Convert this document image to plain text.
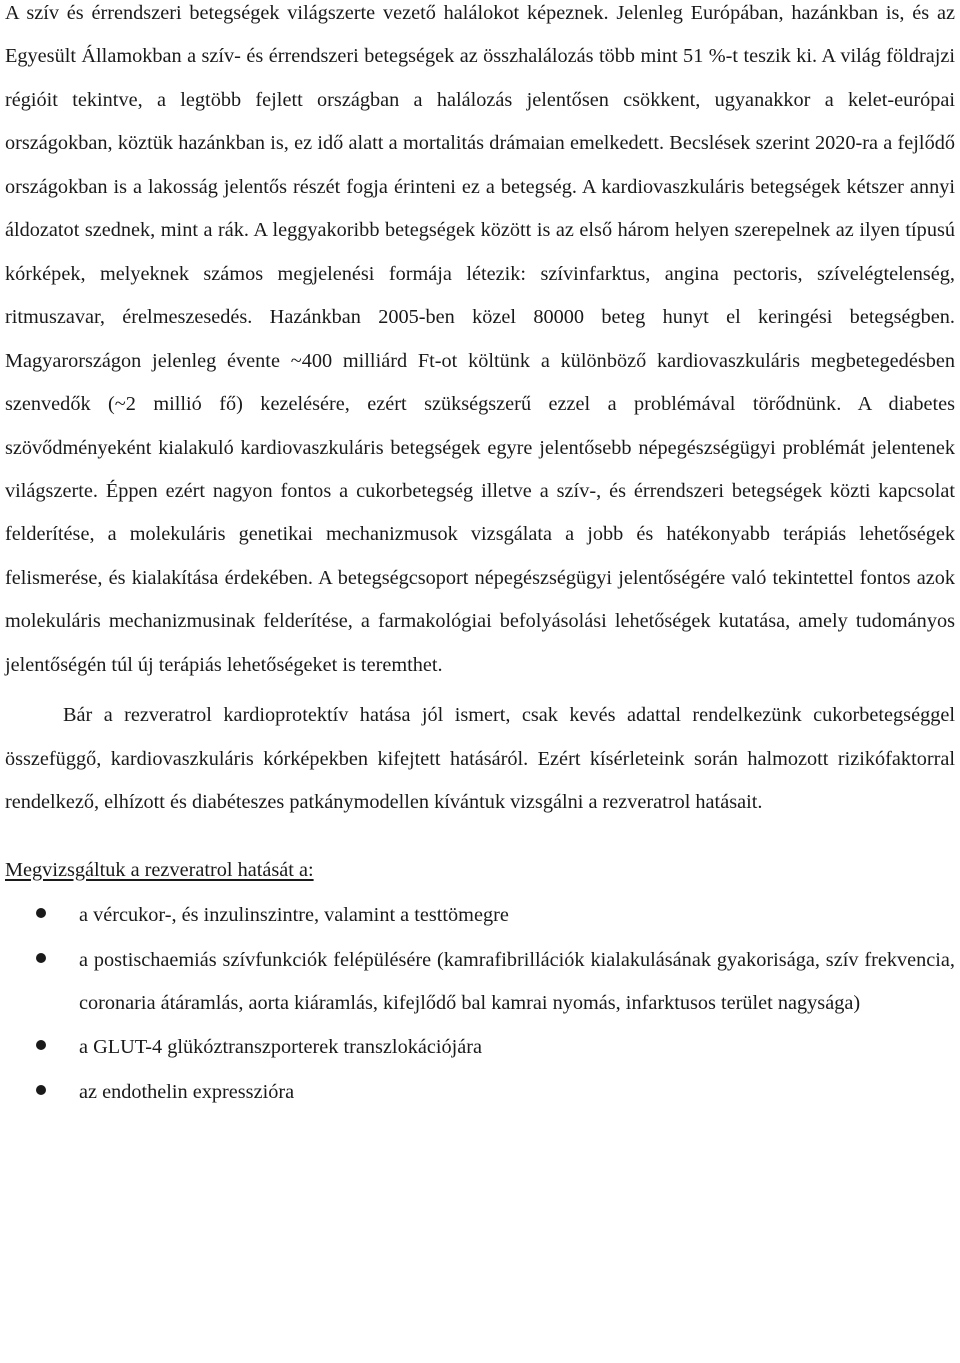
A szív és érrendszeri betegségek világszerte vezető halálokot képeznek. Jelenleg Európában, hazánkban is, és az Egyesült Államokban a szív- és érrendszeri betegségek az összhalálozás több mint 51 %-t teszik ki. A világ földrajzi régióit tekintve, a legtöbb fejlett országban a halálozás jelentősen csökkent, ugyanakkor a kelet-európai országokban, köztük hazánkban is, ez idő alatt a mortalitás drámaian emelkedett. Becslések szerint 2020-ra a fejlődő országokban is a lakosság jelentős részét fogja érinteni ez a betegség. A kardiovaszkuláris betegségek kétszer annyi áldozatot szednek, mint a rák. A leggyakoribb betegségek között is az első három helyen szerepelnek az ilyen típusú kórképek, melyeknek számos megjelenési formája létezik: szívinfarktus, angina pectoris, szívelégtelenség, ritmuszavar, érelmeszesedés. Hazánkban 2005-ben közel 80000 beteg hunyt el keringési betegségben. Magyarországon jelenleg évente ~400 milliárd Ft-ot költünk a különböző kardiovaszkuláris megbetegedésben szenvedők (~2 millió fő) kezelésére, ezért szükségszerű ezzel a problémával törődnünk. A diabetes szövődményeként kialakuló kardiovaszkuláris betegségek egyre jelentősebb népegészségügyi problémát jelentenek világszerte. Éppen ezért nagyon fontos a cukorbetegség illetve a szív-, és érrendszeri betegségek közti kapcsolat felderítése, a molekuláris genetikai mechanizmusok vizsgálata a jobb és hatékonyabb terápiás lehetőségek felismerése, és kialakítása érdekében. A betegségcsoport népegészségügyi jelentőségére való tekintettel fontos azok molekuláris mechanizmusinak felderítése, a farmakológiai befolyásolási lehetőségek kutatása, amely tudományos jelentőségén túl új terápiás lehetőségeket is teremthet.

Bár a rezveratrol kardioprotektív hatása jól ismert, csak kevés adattal rendelkezünk cukorbetegséggel összefüggő, kardiovaszkuláris kórképekben kifejtett hatásáról. Ezért kísérleteink során halmozott rizikófaktorral rendelkező, elhízott és diabéteszes patkánymodellen kívántuk vizsgálni a rezveratrol hatásait.

Megvizsgáltuk a rezveratrol hatását a:

a vércukor-, és inzulinszintre, valamint a testtömegre
a postischaemiás szívfunkciók felépülésére (kamrafibrillációk kialakulásának gyakorisága, szív frekvencia, coronaria átáramlás, aorta kiáramlás, kifejlődő bal kamrai nyomás, infarktusos terület nagysága)
a GLUT-4 glükóztranszporterek transzlokációjára
az endothelin expresszióra
